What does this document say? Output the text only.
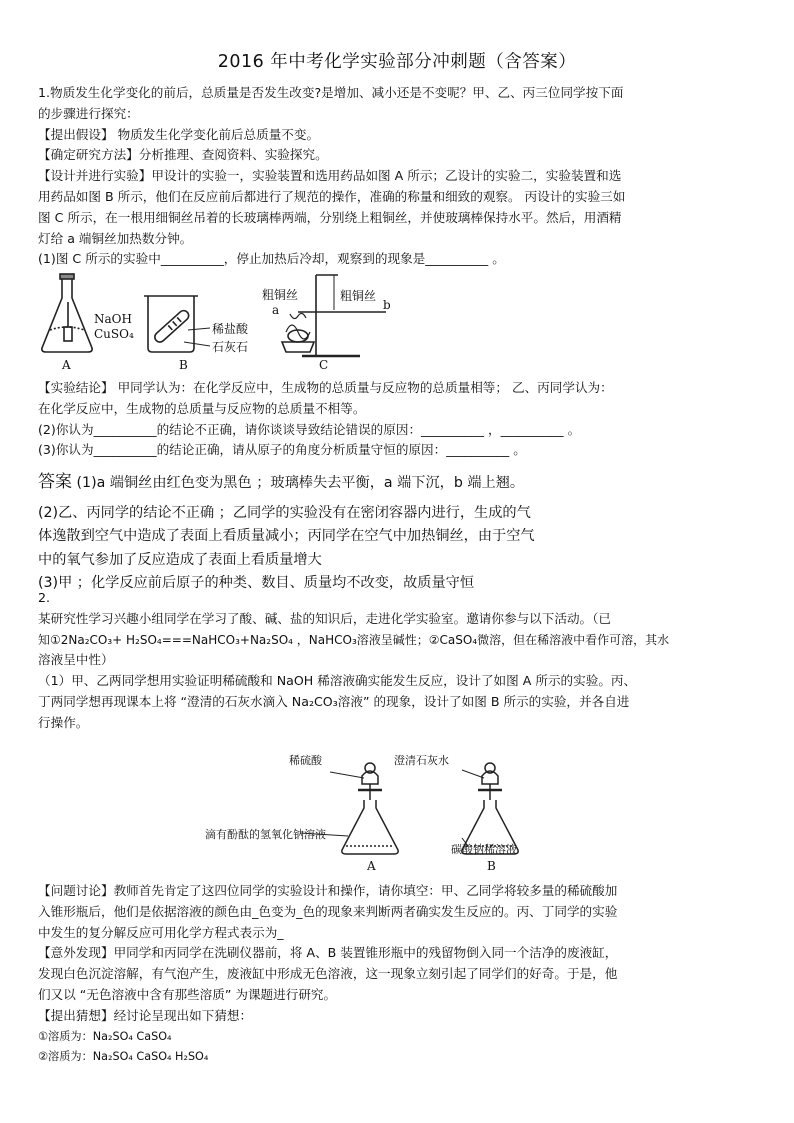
2016 年中考化学实验部分冲刺题（含答案）

1.物质发生化学变化的前后，总质量是否发生改变?是增加、减小还是不变呢？甲、乙、丙三位同学按下面

的步骤进行探究：

【提出假设】 物质发生化学变化前后总质量不变。

【确定研究方法】分析推理、查阅资料、实验探究。

【设计并进行实验】甲设计的实验一，实验装置和选用药品如图 A 所示；乙设计的实验二，实验装置和选

用药品如图 B 所示，他们在反应前后都进行了规范的操作，准确的称量和细致的观察。 丙设计的实验三如

图 C 所示，在一根用细铜丝吊着的长玻璃棒两端，分别绕上粗铜丝，并使玻璃棒保持水平。然后，用酒精

灯给 a 端铜丝加热数分钟。

(1)图 C 所示的实验中__________，停止加热后冷却，观察到的现象是__________ 。

NaOH
CuSO₄	稀盐酸
石灰石
粗铜丝	粗铜丝
a	b
A	B	C

【实验结论】 甲同学认为：在化学反应中，生成物的总质量与反应物的总质量相等； 乙、丙同学认为：

在化学反应中，生成物的总质量与反应物的总质量不相等。

(2)你认为__________的结论不正确，请你谈谈导致结论错误的原因：__________ ，__________ 。

(3)你认为__________的结论正确，请从原子的角度分析质量守恒的原因：__________ 。

答案 (1)a 端铜丝由红色变为黑色 ；玻璃棒失去平衡，a 端下沉，b 端上翘。

(2)乙、丙同学的结论不正确 ；乙同学的实验没有在密闭容器内进行，生成的气

体逸散到空气中造成了表面上看质量减小；丙同学在空气中加热铜丝，由于空气

中的氧气参加了反应造成了表面上看质量增大

(3)甲 ；化学反应前后原子的种类、数目、质量均不改变，故质量守恒

2.

某研究性学习兴趣小组同学在学习了酸、碱、盐的知识后，走进化学实验室。邀请你参与以下活动。（已

知①2Na₂CO₃+ H₂SO₄===NaHCO₃+Na₂SO₄ ，NaHCO₃溶液呈碱性；②CaSO₄微溶，但在稀溶液中看作可溶，其水

溶液呈中性）

（1）甲、乙两同学想用实验证明稀硫酸和 NaOH 稀溶液确实能发生反应，设计了如图 A 所示的实验。丙、

丁两同学想再现课本上将 “澄清的石灰水滴入 Na₂CO₃溶液” 的现象，设计了如图 B 所示的实验，并各自进

行操作。

稀硫酸	澄清石灰水
滴有酚酞的氢氧化钠溶液
碳酸钠稀溶液
A	B

【问题讨论】教师首先肯定了这四位同学的实验设计和操作，请你填空：甲、乙同学将较多量的稀硫酸加

入锥形瓶后，他们是依据溶液的颜色由_色变为_色的现象来判断两者确实发生反应的。丙、丁同学的实验

中发生的复分解反应可用化学方程式表示为_

【意外发现】甲同学和丙同学在洗刷仪器前，将 A、B 装置锥形瓶中的残留物倒入同一个洁净的废液缸，

发现白色沉淀溶解，有气泡产生，废液缸中形成无色溶液，这一现象立刻引起了同学们的好奇。于是，他

们又以 “无色溶液中含有那些溶质” 为课题进行研究。

【提出猜想】经讨论呈现出如下猜想：

①溶质为：Na₂SO₄ CaSO₄

②溶质为：Na₂SO₄ CaSO₄ H₂SO₄
